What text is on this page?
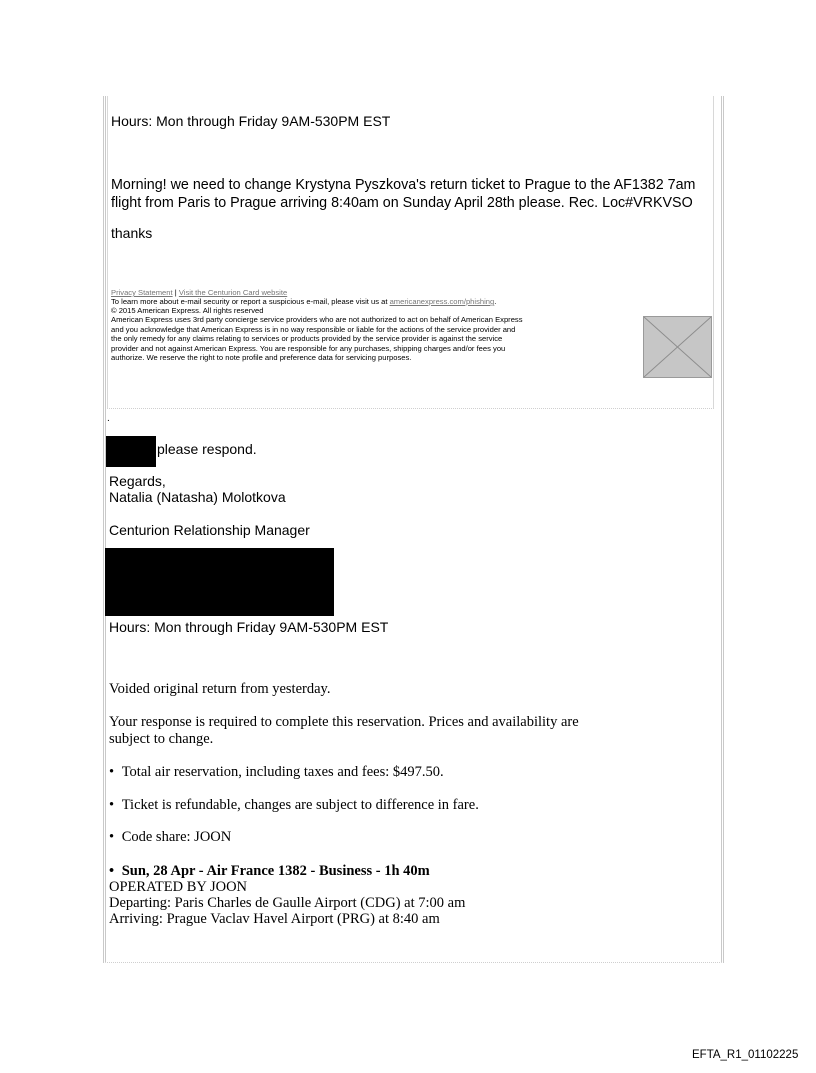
Hours: Mon through Friday 9AM-530PM EST
Morning! we need to change Krystyna Pyszkova's return ticket to Prague to the AF1382 7am
flight from Paris to Prague arriving 8:40am on Sunday April 28th please. Rec. Loc#VRKVSO
thanks
Privacy Statement | Visit the Centurion Card website
To learn more about e-mail security or report a suspicious e-mail, please visit us at americanexpress.com/phishing.
© 2015 American Express. All rights reserved
American Express uses 3rd party concierge service providers who are not authorized to act on behalf of American Express
and you acknowledge that American Express is in no way responsible or liable for the actions of the service provider and
the only remedy for any claims relating to services or products provided by the service provider is against the service
provider and not against American Express. You are responsible for any purchases, shipping charges and/or fees you
authorize. We reserve the right to note profile and preference data for servicing purposes.
.
please respond.
Regards,
Natalia (Natasha) Molotkova
Centurion Relationship Manager
Hours: Mon through Friday 9AM-530PM EST
Voided original return from yesterday.
Your response is required to complete this reservation. Prices and availability are
subject to change.
• Total air reservation, including taxes and fees: $497.50.
• Ticket is refundable, changes are subject to difference in fare.
• Code share: JOON
• Sun, 28 Apr - Air France 1382 - Business - 1h 40m
OPERATED BY JOON
Departing: Paris Charles de Gaulle Airport (CDG) at 7:00 am
Arriving: Prague Vaclav Havel Airport (PRG) at 8:40 am
EFTA_R1_01102225
